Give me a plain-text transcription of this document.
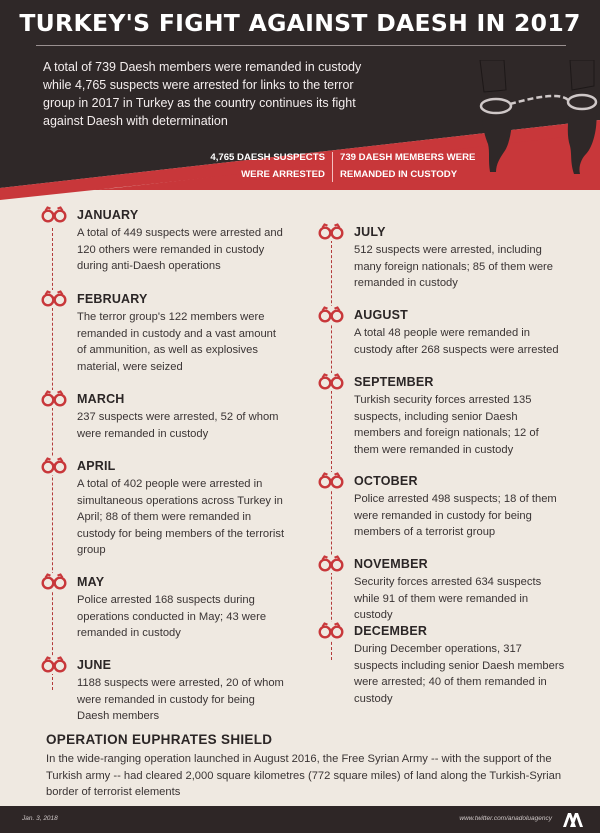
TURKEY'S FIGHT AGAINST DAESH IN 2017

A total of 739 Daesh members were remanded in custody while 4,765 suspects were arrested for links to the terror group in 2017 in Turkey as the country continues its fight against Daesh with determination

4,765 DAESH SUSPECTS WERE ARRESTED
739 DAESH MEMBERS WERE REMANDED IN CUSTODY
JANUARY

A total of 449 suspects were arrested and 120 others were remanded in custody during anti-Daesh operations

FEBRUARY

The terror group's 122 members were remanded in custody and a vast amount of ammunition, as well as explosives material, were seized

MARCH

237 suspects were arrested, 52 of whom were remanded in custody

APRIL

A total of 402 people were arrested in simultaneous operations across Turkey in April; 88 of them were remanded in custody for being members of the terrorist group

MAY

Police arrested 168 suspects during operations conducted in May; 43 were remanded in custody

JUNE

1188 suspects were arrested, 20 of whom were remanded in custody for being Daesh members

JULY

512 suspects were arrested, including many foreign nationals; 85 of them were remanded in custody

AUGUST

A total 48 people were remanded in custody after 268 suspects were arrested

SEPTEMBER

Turkish security forces arrested 135 suspects, including senior Daesh members and foreign nationals; 12 of them were remanded in custody

OCTOBER

Police arrested 498 suspects; 18 of them were remanded in custody for being members of a terrorist group

NOVEMBER

Security forces arrested 634 suspects while 91 of them were remanded in custody

DECEMBER

During December operations, 317 suspects including senior Daesh members were arrested; 40 of them remanded in custody

OPERATION EUPHRATES SHIELD

In the wide-ranging operation launched in August 2016, the Free Syrian Army -- with the support of the Turkish army -- had cleared 2,000 square kilometres (772 square miles) of land along the Turkish-Syrian border of terrorist elements

Jan. 3, 2018	www.twitter.com/anadoluagency
